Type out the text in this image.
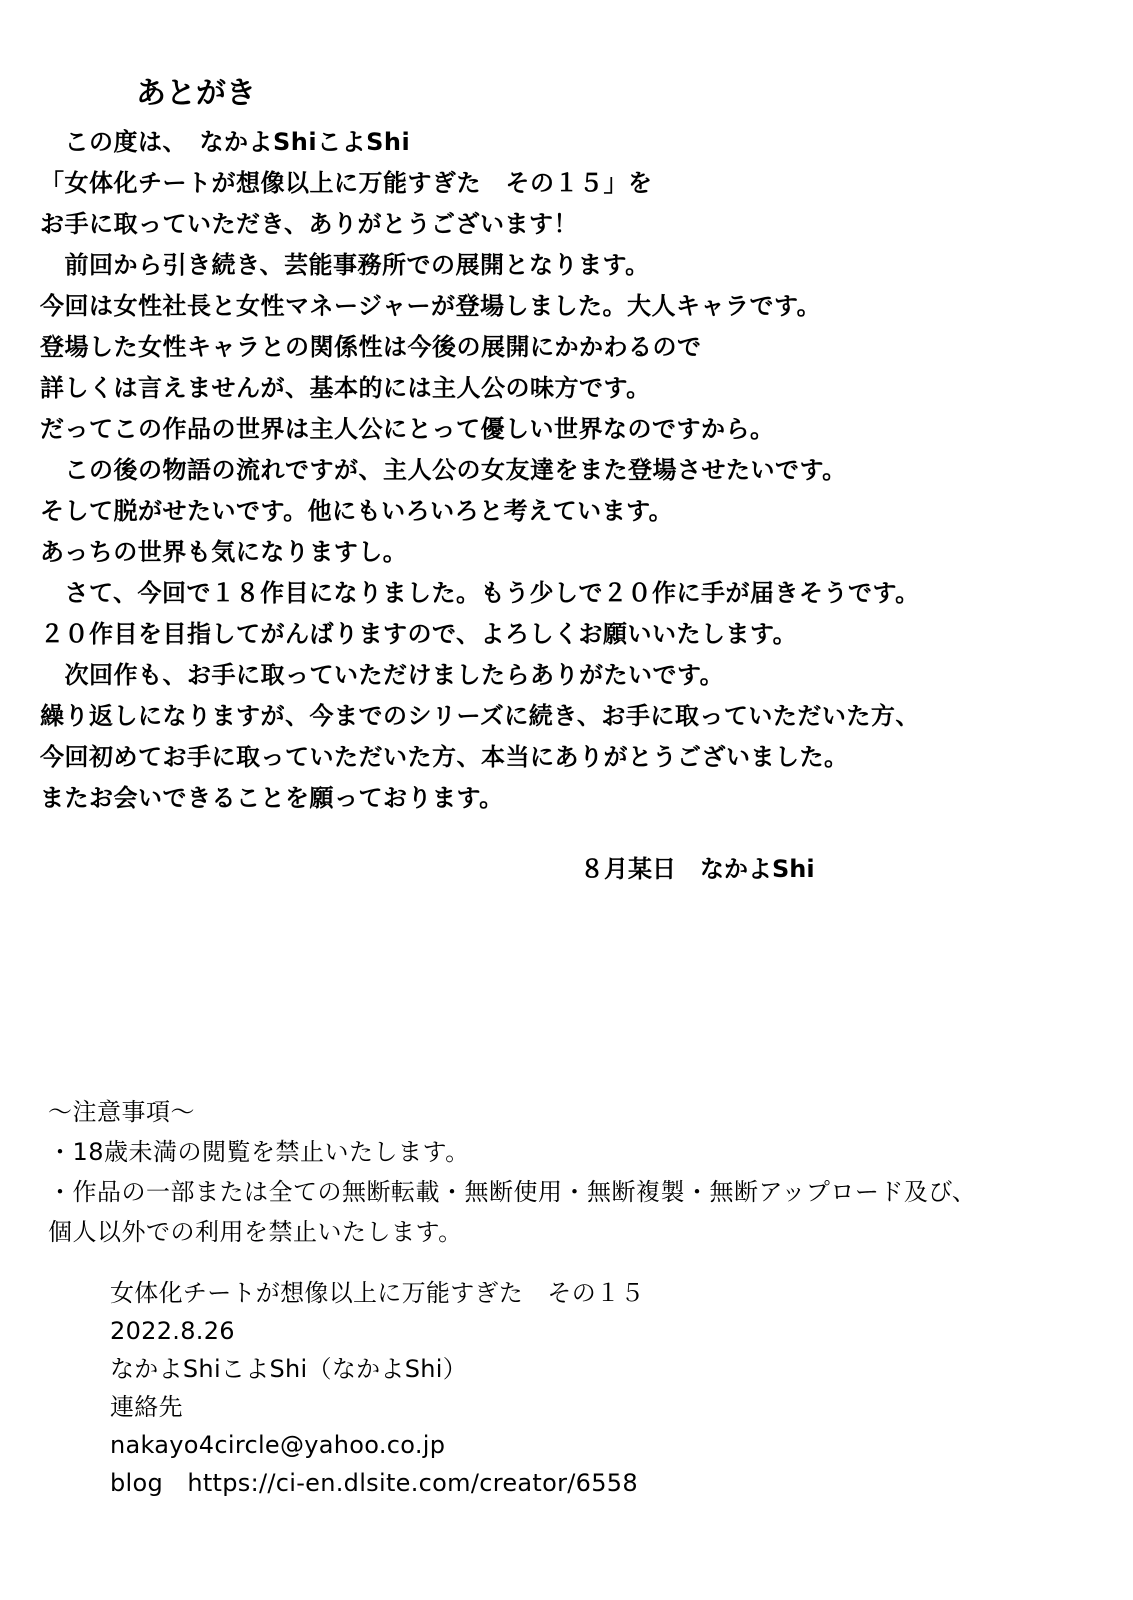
あとがき
　この度は、　なかよShiこよShi
「女体化チートが想像以上に万能すぎた　その１５」を
お手に取っていただき、ありがとうございます！
　前回から引き続き、芸能事務所での展開となります。
今回は女性社長と女性マネージャーが登場しました。大人キャラです。
登場した女性キャラとの関係性は今後の展開にかかわるので
詳しくは言えませんが、基本的には主人公の味方です。
だってこの作品の世界は主人公にとって優しい世界なのですから。
　この後の物語の流れですが、主人公の女友達をまた登場させたいです。
そして脱がせたいです。他にもいろいろと考えています。
あっちの世界も気になりますし。
　さて、今回で１８作目になりました。もう少しで２０作に手が届きそうです。
２０作目を目指してがんばりますので、よろしくお願いいたします。
　次回作も、お手に取っていただけましたらありがたいです。
繰り返しになりますが、今までのシリーズに続き、お手に取っていただいた方、
今回初めてお手に取っていただいた方、本当にありがとうございました。
またお会いできることを願っております。
８月某日　なかよShi
～注意事項～
・18歳未満の閲覧を禁止いたします。
・作品の一部または全ての無断転載・無断使用・無断複製・無断アップロード及び、
個人以外での利用を禁止いたします。
女体化チートが想像以上に万能すぎた　その１５
2022.8.26
なかよShiこよShi（なかよShi）
連絡先
nakayo4circle@yahoo.co.jp
blog　https://ci-en.dlsite.com/creator/6558
